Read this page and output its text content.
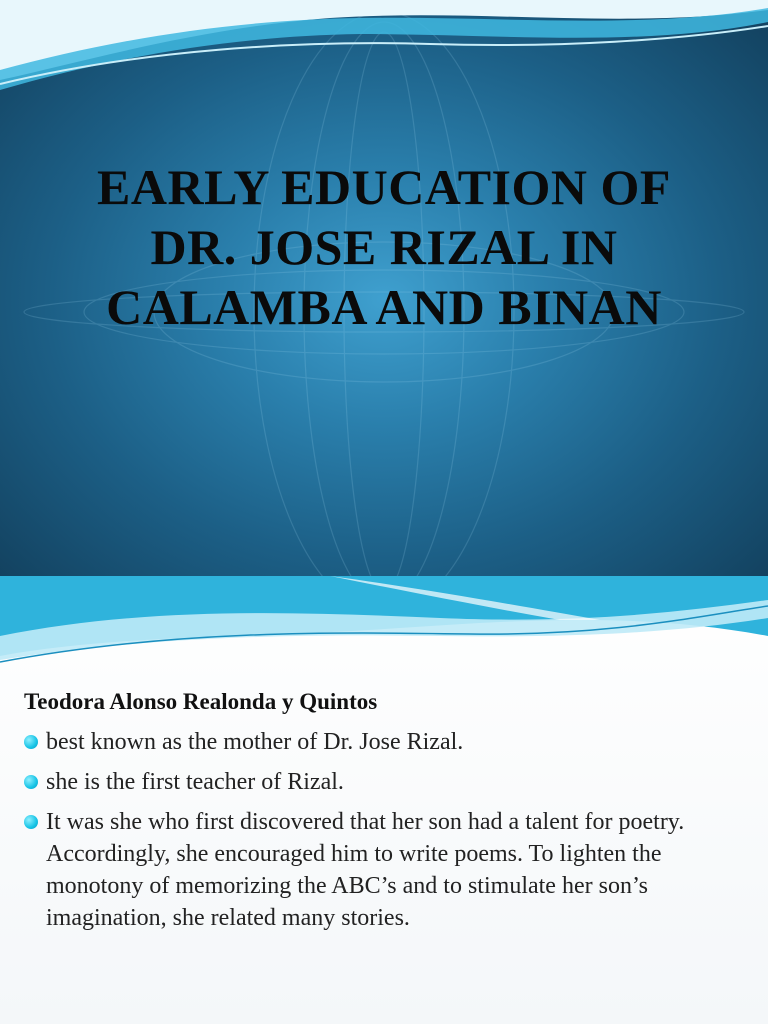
EARLY EDUCATION OF
DR. JOSE RIZAL IN
CALAMBA AND BINAN
Teodora Alonso Realonda y Quintos
best known as the mother of Dr. Jose Rizal.
she is the first teacher of Rizal.
It was she who first discovered that her son had a talent for poetry. Accordingly, she encouraged him to write poems. To lighten the monotony of memorizing the ABC’s and to stimulate her son’s imagination, she related many stories.
